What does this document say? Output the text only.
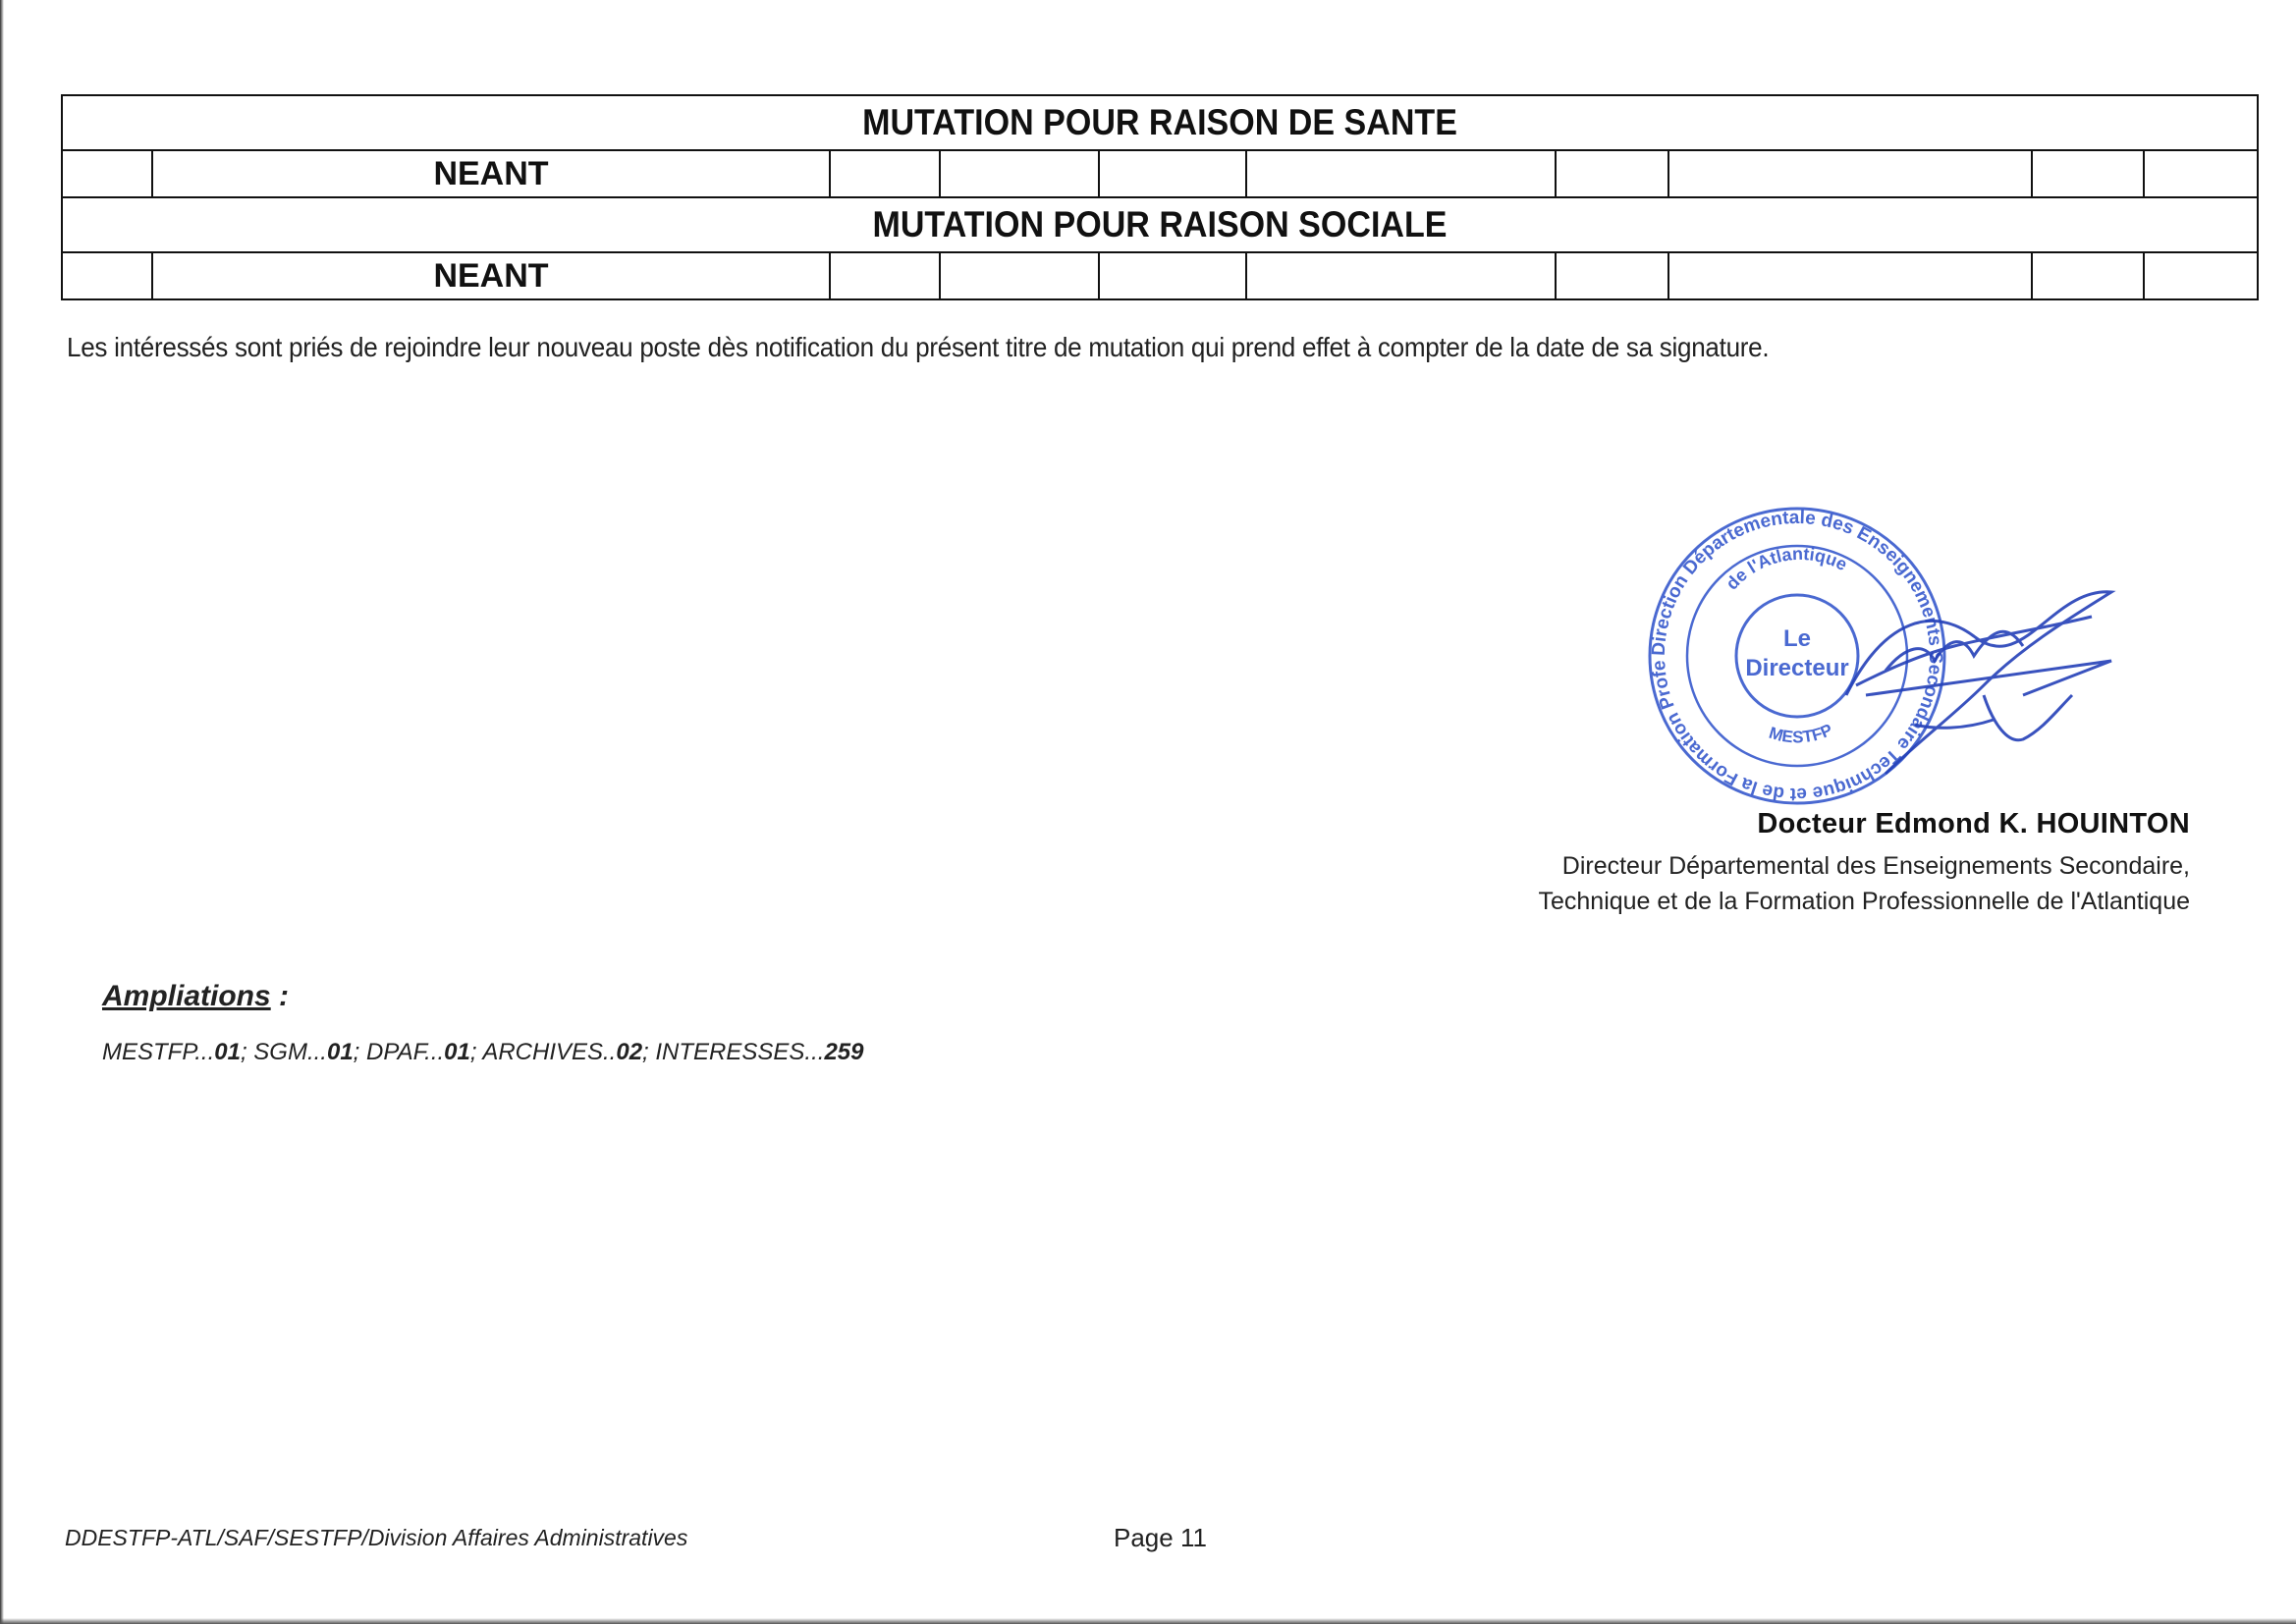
MUTATION POUR RAISON DE SANTE									
	NEANT								
MUTATION POUR RAISON SOCIALE									
	NEANT								
Les intéressés sont priés de rejoindre leur nouveau poste dès notification du présent titre de mutation qui prend effet à compter de la date de sa signature.
Direction Départementale des Enseignements Secondaire Technique et de la Formation Profe
de l'Atlantique
MESTFP
Le
Directeur
Docteur Edmond K. HOUINTON
Directeur Départemental des Enseignements Secondaire,
Technique et de la Formation Professionnelle de l'Atlantique
Ampliations :
MESTFP...01; SGM...01; DPAF...01; ARCHIVES..02; INTERESSES...259
DDESTFP-ATL/SAF/SESTFP/Division Affaires Administratives	Page 11
